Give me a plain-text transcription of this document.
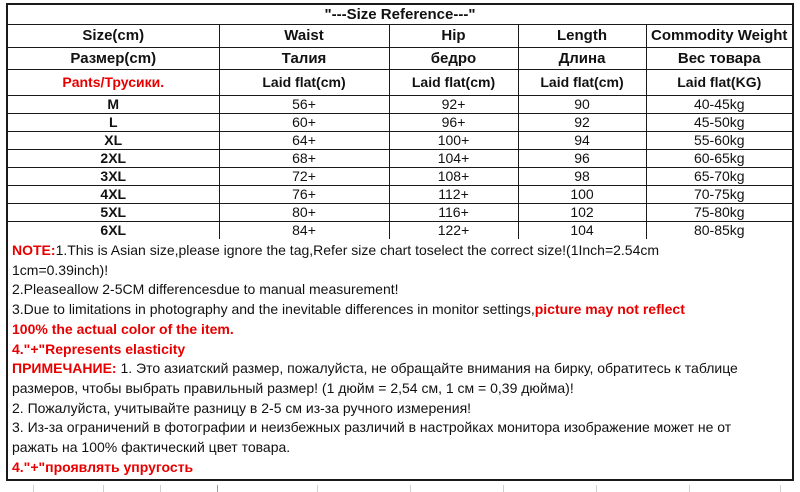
"---Size Reference---"
Size(cm)	Waist	Hip	Length	Commodity Weight
Размер(cm)	Талия	бедро	Длина	Вес товара
Pants/Трусики.	Laid flat(cm)	Laid flat(cm)	Laid flat(cm)	Laid flat(KG)
M	56+	92+	90	40-45kg
L	60+	96+	92	45-50kg
XL	64+	100+	94	55-60kg
2XL	68+	104+	96	60-65kg
3XL	72+	108+	98	65-70kg
4XL	76+	112+	100	70-75kg
5XL	80+	116+	102	75-80kg
6XL	84+	122+	104	80-85kg
NOTE:1.This is Asian size,please ignore the tag,Refer size chart toselect the correct size!(1Inch=2.54cm
1cm=0.39inch)!
2.Pleaseallow 2-5CM differencesdue to manual measurement!
3.Due to limitations in photography and the inevitable differences in monitor settings,picture may not reflect
100% the actual color of the item.
4."+"Represents elasticity
ПРИМЕЧАНИЕ: 1. Это азиатский размер, пожалуйста, не обращайте внимания на бирку, обратитесь к таблице
размеров, чтобы выбрать правильный размер! (1 дюйм = 2,54 см, 1 см = 0,39 дюйма)!
2. Пожалуйста, учитывайте разницу в 2-5 см из-за ручного измерения!
3. Из-за ограничений в фотографии и неизбежных различий в настройках монитора изображение может не от
ражать на 100% фактический цвет товара.
4."+"проявлять упругость
